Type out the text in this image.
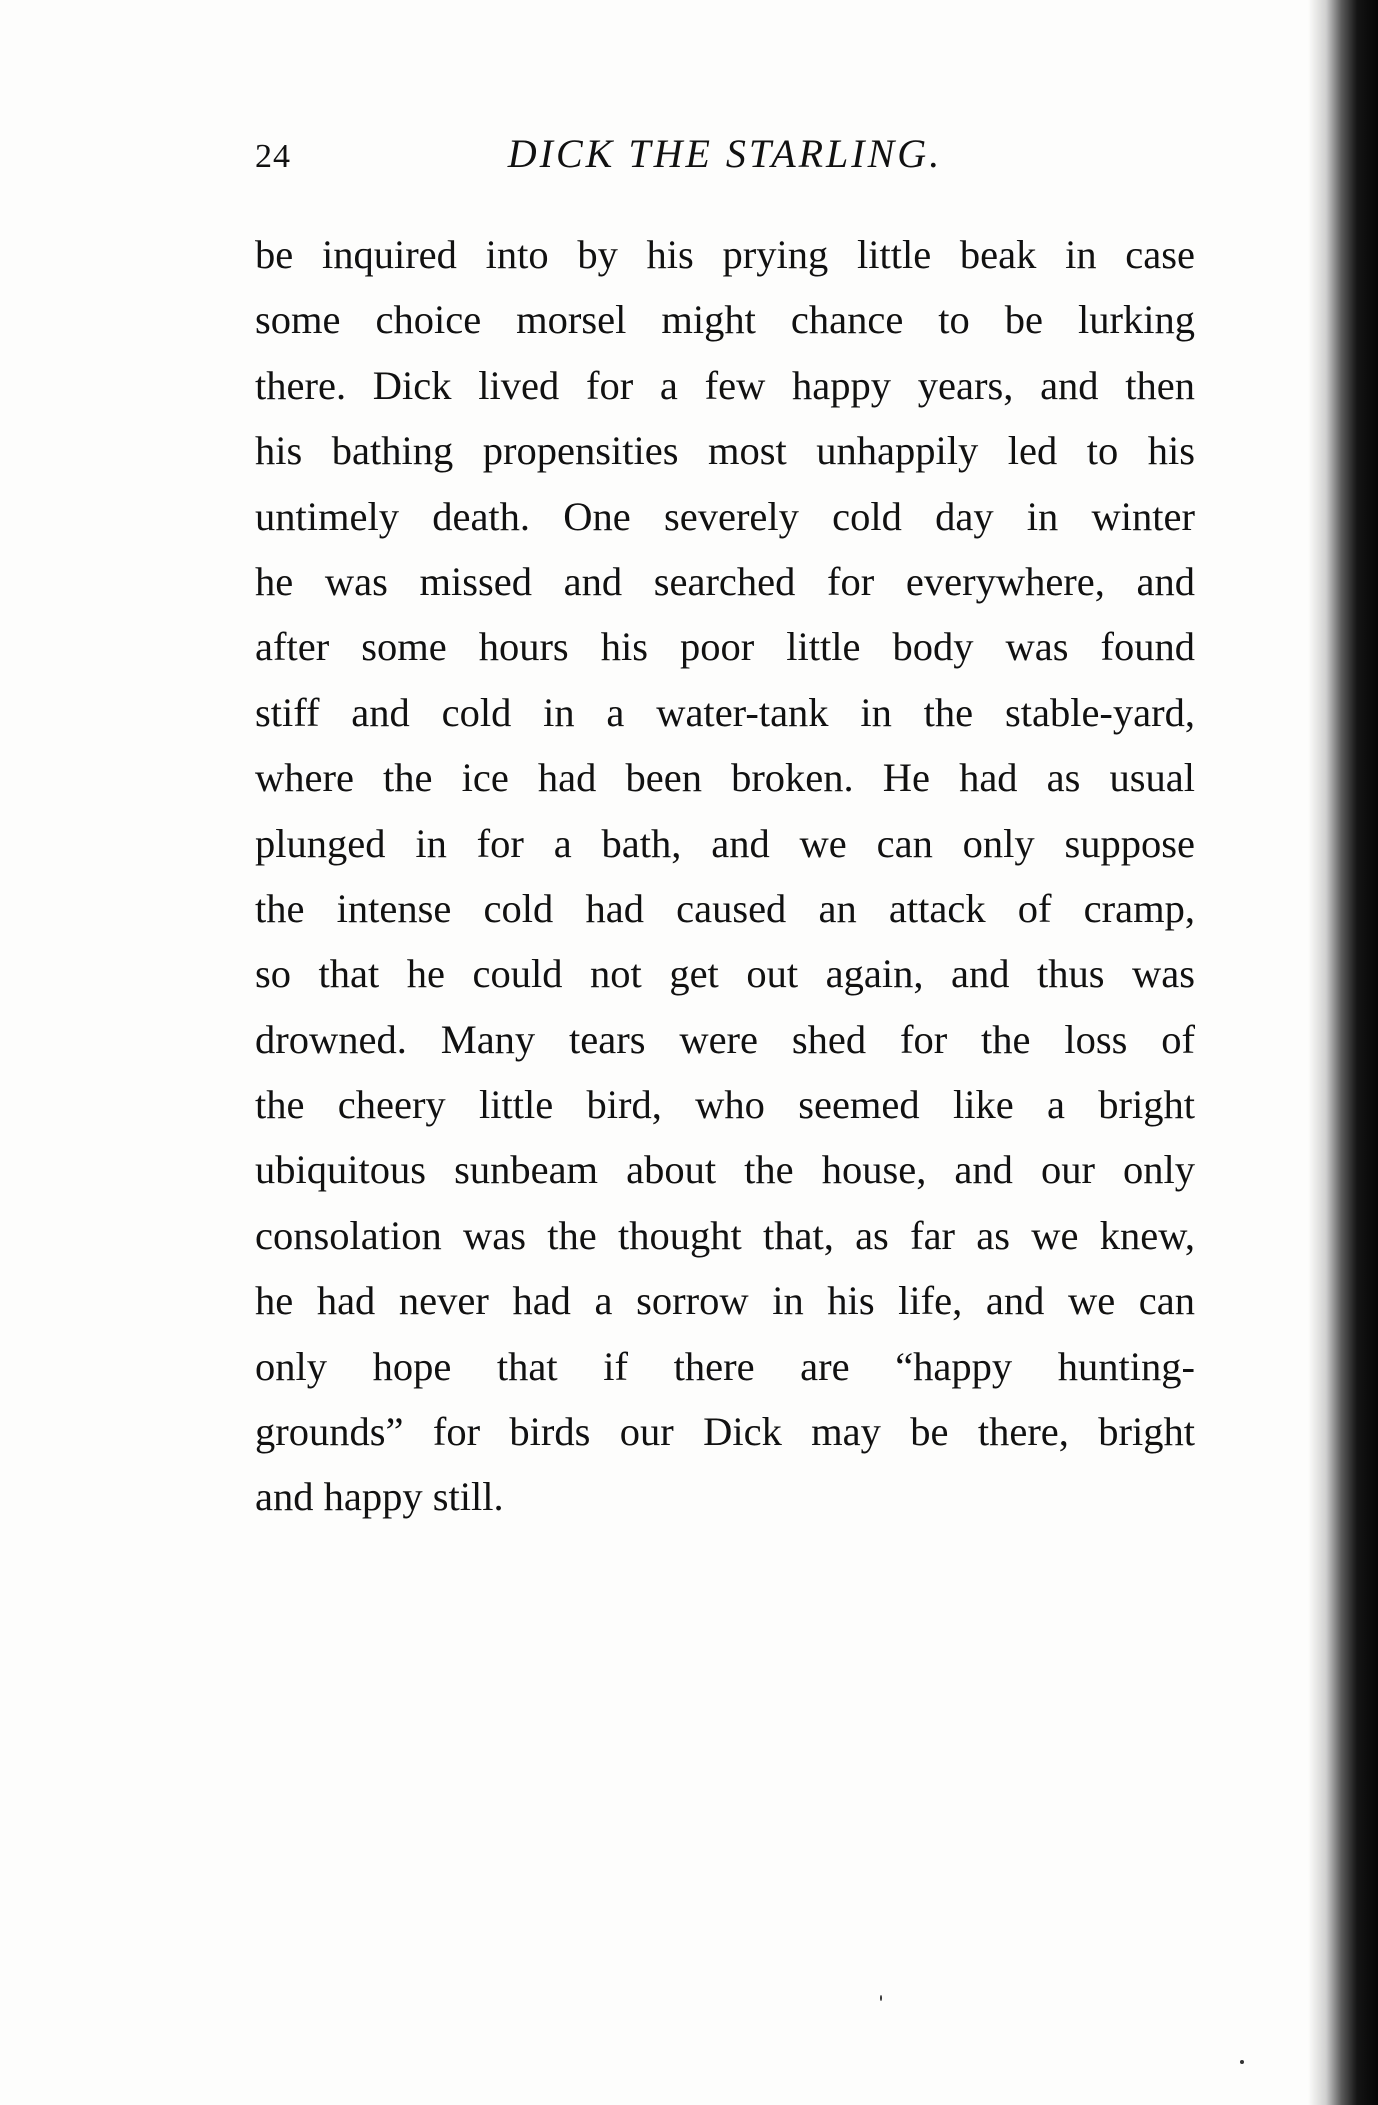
24	DICK THE STARLING.
be inquired into by his prying little beak in case
some choice morsel might chance to be lurking
there. Dick lived for a few happy years, and then
his bathing propensities most unhappily led to his
untimely death. One severely cold day in winter
he was missed and searched for everywhere, and
after some hours his poor little body was found
stiff and cold in a water-tank in the stable-yard,
where the ice had been broken. He had as usual
plunged in for a bath, and we can only suppose
the intense cold had caused an attack of cramp,
so that he could not get out again, and thus was
drowned. Many tears were shed for the loss of
the cheery little bird, who seemed like a bright
ubiquitous sunbeam about the house, and our only
consolation was the thought that, as far as we knew,
he had never had a sorrow in his life, and we can
only hope that if there are “happy hunting-
grounds” for birds our Dick may be there, bright
and happy still.
